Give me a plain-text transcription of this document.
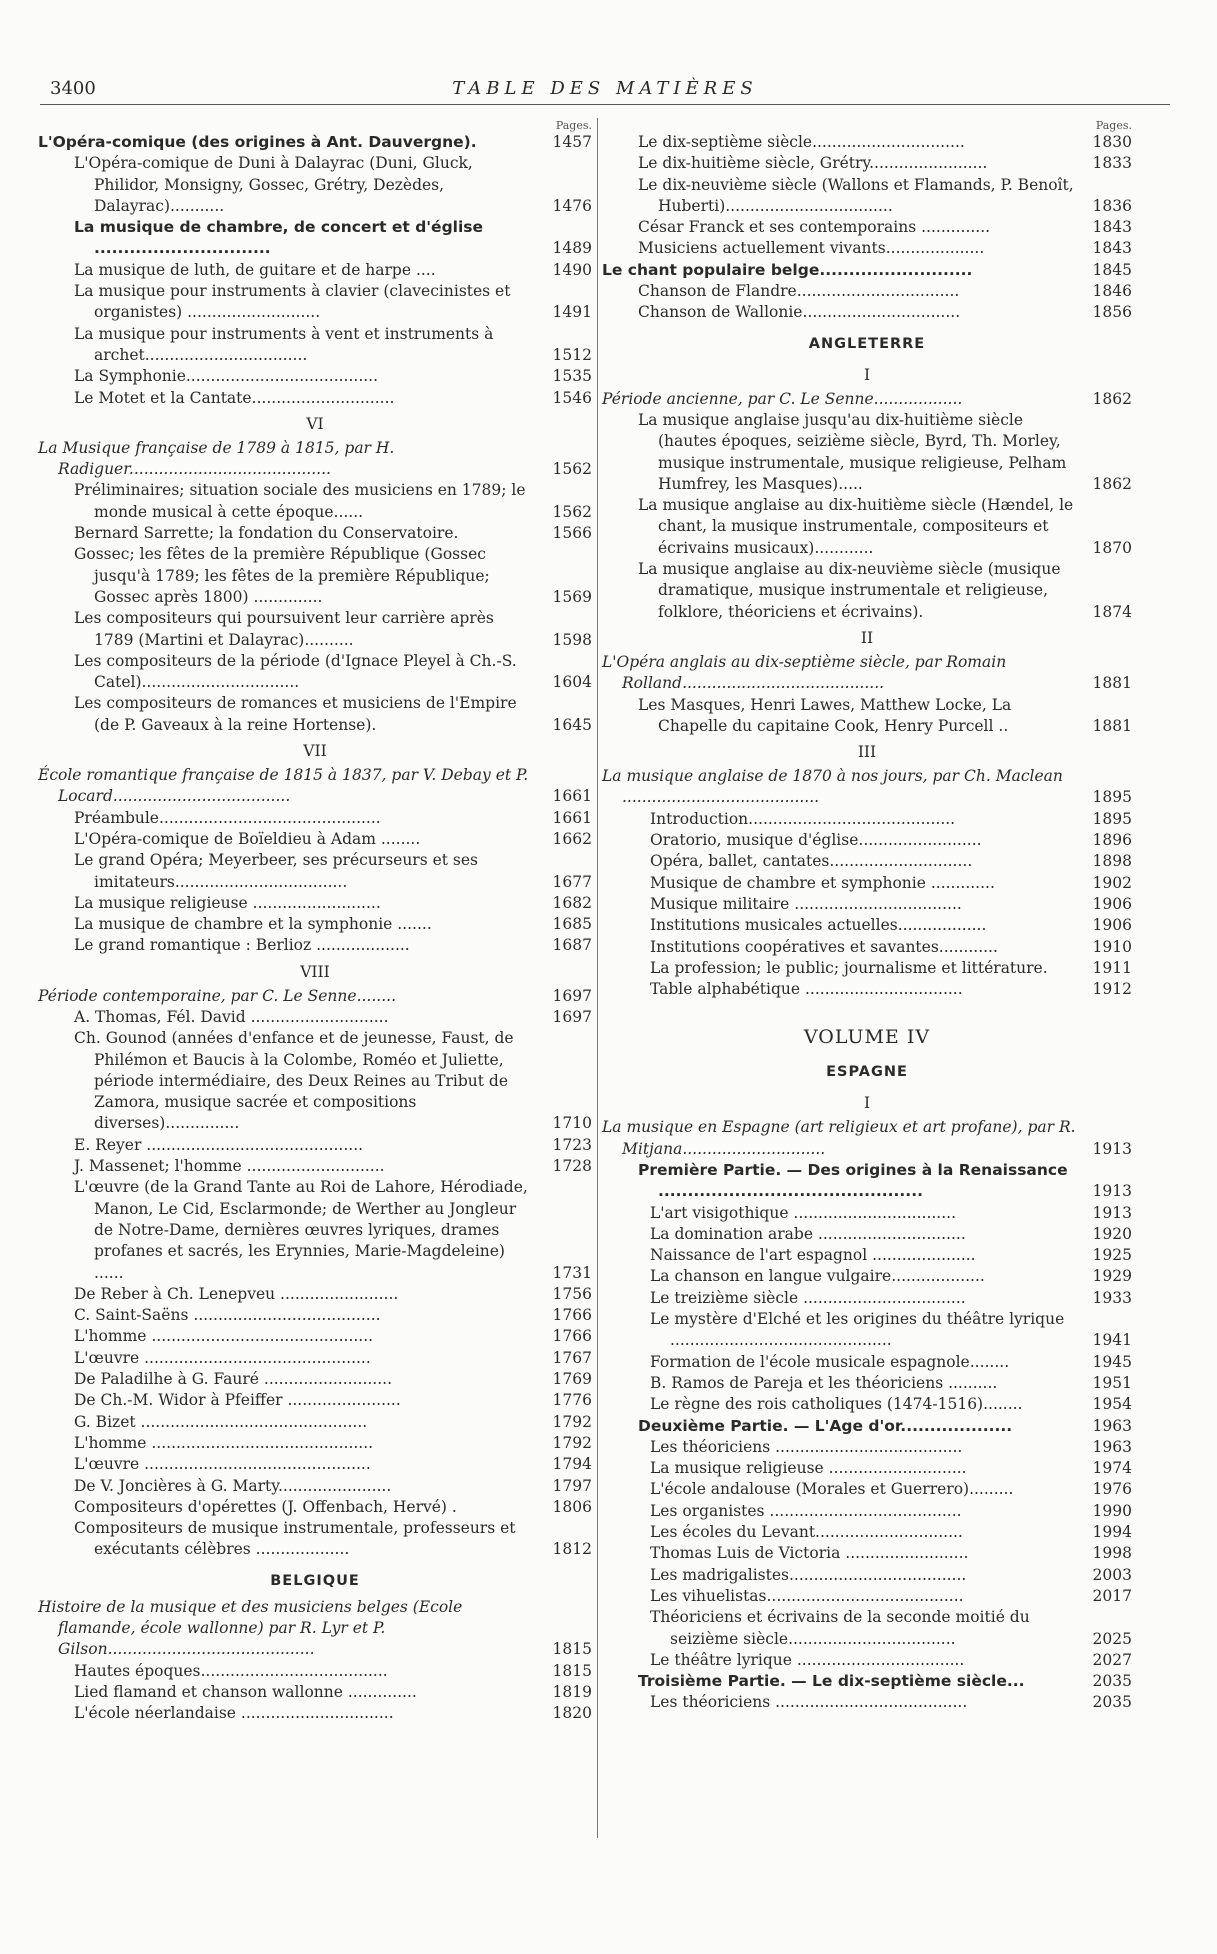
3400	TABLE DES MATIÈRES
Pages.
L'Opéra-comique (des origines à Ant. Dauvergne).	1457
L'Opéra-comique de Duni à Dalayrac (Duni, Gluck, Philidor, Monsigny, Gossec, Grétry, Dezèdes, Dalayrac)...........	1476
La musique de chambre, de concert et d'église ..............................	1489
La musique de luth, de guitare et de harpe ....	1490
La musique pour instruments à clavier (clavecinistes et organistes) ...........................	1491
La musique pour instruments à vent et instruments à archet.................................	1512
La Symphonie.......................................	1535
Le Motet et la Cantate.............................	1546
VI
La Musique française de 1789 à 1815, par H. Radiguer.........................................	1562
Préliminaires; situation sociale des musiciens en 1789; le monde musical à cette époque......	1562
Bernard Sarrette; la fondation du Conservatoire.	1566
Gossec; les fêtes de la première République (Gossec jusqu'à 1789; les fêtes de la première République; Gossec après 1800) ..............	1569
Les compositeurs qui poursuivent leur carrière après 1789 (Martini et Dalayrac)..........	1598
Les compositeurs de la période (d'Ignace Pleyel à Ch.-S. Catel)................................	1604
Les compositeurs de romances et musiciens de l'Empire (de P. Gaveaux à la reine Hortense).	1645
VII
École romantique française de 1815 à 1837, par V. Debay et P. Locard....................................	1661
Préambule.............................................	1661
L'Opéra-comique de Boïeldieu à Adam ........	1662
Le grand Opéra; Meyerbeer, ses précurseurs et ses imitateurs...................................	1677
La musique religieuse ..........................	1682
La musique de chambre et la symphonie .......	1685
Le grand romantique : Berlioz ...................	1687
VIII
Période contemporaine, par C. Le Senne........	1697
A. Thomas, Fél. David ............................	1697
Ch. Gounod (années d'enfance et de jeunesse, Faust, de Philémon et Baucis à la Colombe, Roméo et Juliette, période intermédiaire, des Deux Reines au Tribut de Zamora, musique sacrée et compositions diverses)...............	1710
E. Reyer ............................................	1723
J. Massenet; l'homme ............................	1728
L'œuvre (de la Grand Tante au Roi de Lahore, Hérodiade, Manon, Le Cid, Esclarmonde; de Werther au Jongleur de Notre-Dame, dernières œuvres lyriques, drames profanes et sacrés, les Erynnies, Marie-Magdeleine) ......	1731
De Reber à Ch. Lenepveu ........................	1756
C. Saint-Saëns ......................................	1766
L'homme .............................................	1766
L'œuvre ..............................................	1767
De Paladilhe à G. Fauré ..........................	1769
De Ch.-M. Widor à Pfeiffer .......................	1776
G. Bizet ..............................................	1792
L'homme .............................................	1792
L'œuvre ..............................................	1794
De V. Joncières à G. Marty.......................	1797
Compositeurs d'opérettes (J. Offenbach, Hervé) .	1806
Compositeurs de musique instrumentale, professeurs et exécutants célèbres ...................	1812
BELGIQUE
Histoire de la musique et des musiciens belges (Ecole flamande, école wallonne) par R. Lyr et P. Gilson..........................................	1815
Hautes époques......................................	1815
Lied flamand et chanson wallonne ..............	1819
L'école néerlandaise ...............................	1820
Pages.
Le dix-septième siècle...............................	1830
Le dix-huitième siècle, Grétry........................	1833
Le dix-neuvième siècle (Wallons et Flamands, P. Benoît, Huberti)..................................	1836
César Franck et ses contemporains ..............	1843
Musiciens actuellement vivants....................	1843
Le chant populaire belge..........................	1845
Chanson de Flandre.................................	1846
Chanson de Wallonie................................	1856
ANGLETERRE
I
Période ancienne, par C. Le Senne..................	1862
La musique anglaise jusqu'au dix-huitième siècle (hautes époques, seizième siècle, Byrd, Th. Morley, musique instrumentale, musique religieuse, Pelham Humfrey, les Masques).....	1862
La musique anglaise au dix-huitième siècle (Hændel, le chant, la musique instrumentale, compositeurs et écrivains musicaux)............	1870
La musique anglaise au dix-neuvième siècle (musique dramatique, musique instrumentale et religieuse, folklore, théoriciens et écrivains).	1874
II
L'Opéra anglais au dix-septième siècle, par Romain Rolland.........................................	1881
Les Masques, Henri Lawes, Matthew Locke, La Chapelle du capitaine Cook, Henry Purcell ..	1881
III
La musique anglaise de 1870 à nos jours, par Ch. Maclean ........................................	1895
Introduction..........................................	1895
Oratorio, musique d'église.........................	1896
Opéra, ballet, cantates.............................	1898
Musique de chambre et symphonie .............	1902
Musique militaire ..................................	1906
Institutions musicales actuelles..................	1906
Institutions coopératives et savantes............	1910
La profession; le public; journalisme et littérature.	1911
Table alphabétique ................................	1912
VOLUME IV
ESPAGNE
I
La musique en Espagne (art religieux et art profane), par R. Mitjana.............................	1913
Première Partie. — Des origines à la Renaissance .............................................	1913
L'art visigothique .................................	1913
La domination arabe ..............................	1920
Naissance de l'art espagnol .....................	1925
La chanson en langue vulgaire...................	1929
Le treizième siècle .................................	1933
Le mystère d'Elché et les origines du théâtre lyrique .............................................	1941
Formation de l'école musicale espagnole........	1945
B. Ramos de Pareja et les théoriciens ..........	1951
Le règne des rois catholiques (1474-1516)........	1954
Deuxième Partie. — L'Age d'or...................	1963
Les théoriciens ......................................	1963
La musique religieuse ............................	1974
L'école andalouse (Morales et Guerrero).........	1976
Les organistes .......................................	1990
Les écoles du Levant..............................	1994
Thomas Luis de Victoria .........................	1998
Les madrigalistes....................................	2003
Les vihuelistas........................................	2017
Théoriciens et écrivains de la seconde moitié du seizième siècle..................................	2025
Le théâtre lyrique ..................................	2027
Troisième Partie. — Le dix-septième siècle...	2035
Les théoriciens .......................................	2035
